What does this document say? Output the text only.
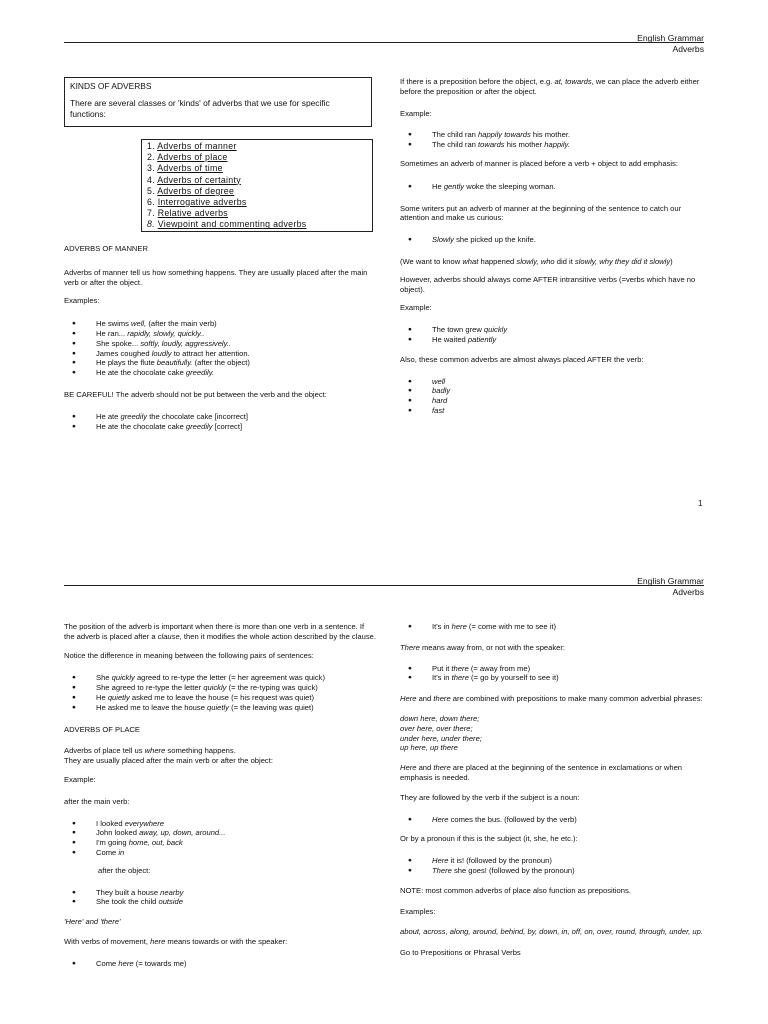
English Grammar
Adverbs
KINDS OF ADVERBS
There are several classes or 'kinds' of adverbs that we use for specific functions:
1. Adverbs of manner
2. Adverbs of place
3. Adverbs of time
4. Adverbs of certainty
5. Adverbs of degree
6. Interrogative adverbs
7. Relative adverbs
8. Viewpoint and commenting adverbs

ADVERBS OF MANNER

Adverbs of manner tell us how something happens. They are usually placed after the main verb or after the object.

Examples:

● He swims well, (after the main verb)
● He ran... rapidly, slowly, quickly..
● She spoke... softly, loudly, aggressively..
● James coughed loudly to attract her attention.
● He plays the flute beautifully. (after the object)
● He ate the chocolate cake greedily.

BE CAREFUL! The adverb should not be put between the verb and the object:

● He ate greedily the chocolate cake [incorrect]
● He ate the chocolate cake greedily [correct]

If there is a preposition before the object, e.g. at, towards, we can place the adverb either before the preposition or after the object.

Example:

● The child ran happily towards his mother.
● The child ran towards his mother happily.

Sometimes an adverb of manner is placed before a verb + object to add emphasis:

● He gently woke the sleeping woman.

Some writers put an adverb of manner at the beginning of the sentence to catch our attention and make us curious:

● Slowly she picked up the knife.

(We want to know what happened slowly, who did it slowly, why they did it slowly)

However, adverbs should always come AFTER intransitive verbs (=verbs which have no object).

Example:

● The town grew quickly
● He waited patiently

Also, these common adverbs are almost always placed AFTER the verb:

● well
● badly
● hard
● fast
1
English Grammar
Adverbs

The position of the adverb is important when there is more than one verb in a sentence. If the adverb is placed after a clause, then it modifies the whole action described by the clause.

Notice the difference in meaning between the following pairs of sentences:

● She quickly agreed to re-type the letter (= her agreement was quick)
● She agreed to re-type the letter quickly (= the re-typing was quick)
● He quietly asked me to leave the house (= his request was quiet)
● He asked me to leave the house quietly (= the leaving was quiet)

ADVERBS OF PLACE

Adverbs of place tell us where something happens.

They are usually placed after the main verb or after the object:

Example:

after the main verb:

● I looked everywhere
● John looked away, up, down, around...
● I'm going home, out, back
● Come in

after the object:

● They built a house nearby
● She took the child outside

'Here' and 'there'

With verbs of movement, here means towards or with the speaker:

● Come here (= towards me)
● It's in here (= come with me to see it)

There means away from, or not with the speaker:

● Put it there (= away from me)
● It's in there (= go by yourself to see it)

Here and there are combined with prepositions to make many common adverbial phrases:

down here, down there;

over here, over there;

under here, under there;

up here, up there

Here and there are placed at the beginning of the sentence in exclamations or when emphasis is needed.

They are followed by the verb if the subject is a noun:

● Here comes the bus. (followed by the verb)

Or by a pronoun if this is the subject (it, she, he etc.):

● Here it is! (followed by the pronoun)
● There she goes! (followed by the pronoun)

NOTE: most common adverbs of place also function as prepositions.

Examples:

about, across, along, around, behind, by, down, in, off, on, over, round, through, under, up.

Go to Prepositions or Phrasal Verbs
